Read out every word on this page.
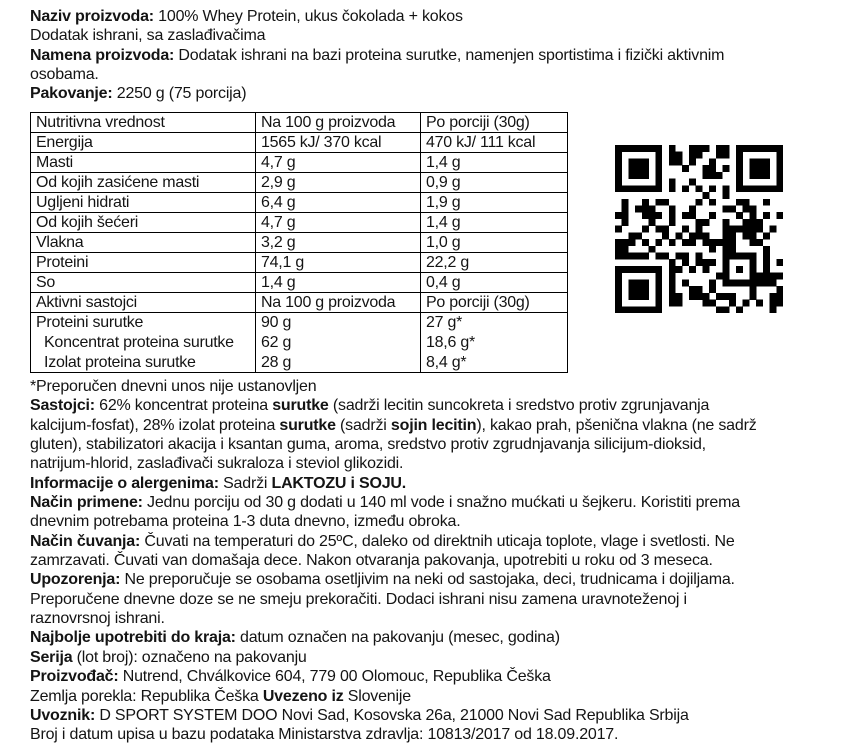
Naziv proizvoda: 100% Whey Protein, ukus čokolada + kokos
Dodatak ishrani, sa zaslađivačima
Namena proizvoda: Dodatak ishrani na bazi proteina surutke, namenjen sportistima i fizički aktivnim
osobama.
Pakovanje: 2250 g (75 porcija)
Nutritivna vrednost	Na 100 g proizvoda	Po porciji (30g)
Energija	1565 kJ/ 370 kcal	470 kJ/ 111 kcal
Masti	4,7 g	1,4 g
Od kojih zasićene masti	2,9 g	0,9 g
Ugljeni hidrati	6,4 g	1,9 g
Od kojih šećeri	4,7 g	1,4 g
Vlakna	3,2 g	1,0 g
Proteini	74,1 g	22,2 g
So	1,4 g	0,4 g
Aktivni sastojci	Na 100 g proizvoda	Po porciji (30g)
Proteini surutke	90 g	27 g*
Koncentrat proteina surutke	62 g	18,6 g*
Izolat proteina surutke	28 g	8,4 g*
*Preporučen dnevni unos nije ustanovljen
Sastojci: 62% koncentrat proteina surutke (sadrži lecitin suncokreta i sredstvo protiv zgrunjavanja
kalcijum-fosfat), 28% izolat proteina surutke (sadrži sojin lecitin), kakao prah, pšenična vlakna (ne sadrž
gluten), stabilizatori akacija i ksantan guma, aroma, sredstvo protiv zgrudnjavanja silicijum-dioksid,
natrijum-hlorid, zaslađivači sukraloza i steviol glikozidi.
Informacije o alergenima: Sadrži LAKTOZU i SOJU.
Način primene: Jednu porciju od 30 g dodati u 140 ml vode i snažno mućkati u šejkeru. Koristiti prema
dnevnim potrebama proteina 1-3 duta dnevno, između obroka.
Način čuvanja: Čuvati na temperaturi do 25ºC, daleko od direktnih uticaja toplote, vlage i svetlosti. Ne
zamrzavati. Čuvati van domašaja dece. Nakon otvaranja pakovanja, upotrebiti u roku od 3 meseca.
Upozorenja: Ne preporučuje se osobama osetljivim na neki od sastojaka, deci, trudnicama i dojiljama.
Preporučene dnevne doze se ne smeju prekoračiti. Dodaci ishrani nisu zamena uravnoteženoj i
raznovrsnoj ishrani.
Najbolje upotrebiti do kraja: datum označen na pakovanju (mesec, godina)
Serija (lot broj): označeno na pakovanju
Proizvođač: Nutrend, Chválkovice 604, 779 00 Olomouc, Republika Češka
Zemlja porekla: Republika Češka Uvezeno iz Slovenije
Uvoznik: D SPORT SYSTEM DOO Novi Sad, Kosovska 26a, 21000 Novi Sad Republika Srbija
Broj i datum upisa u bazu podataka Ministarstva zdravlja: 10813/2017 od 18.09.2017.
